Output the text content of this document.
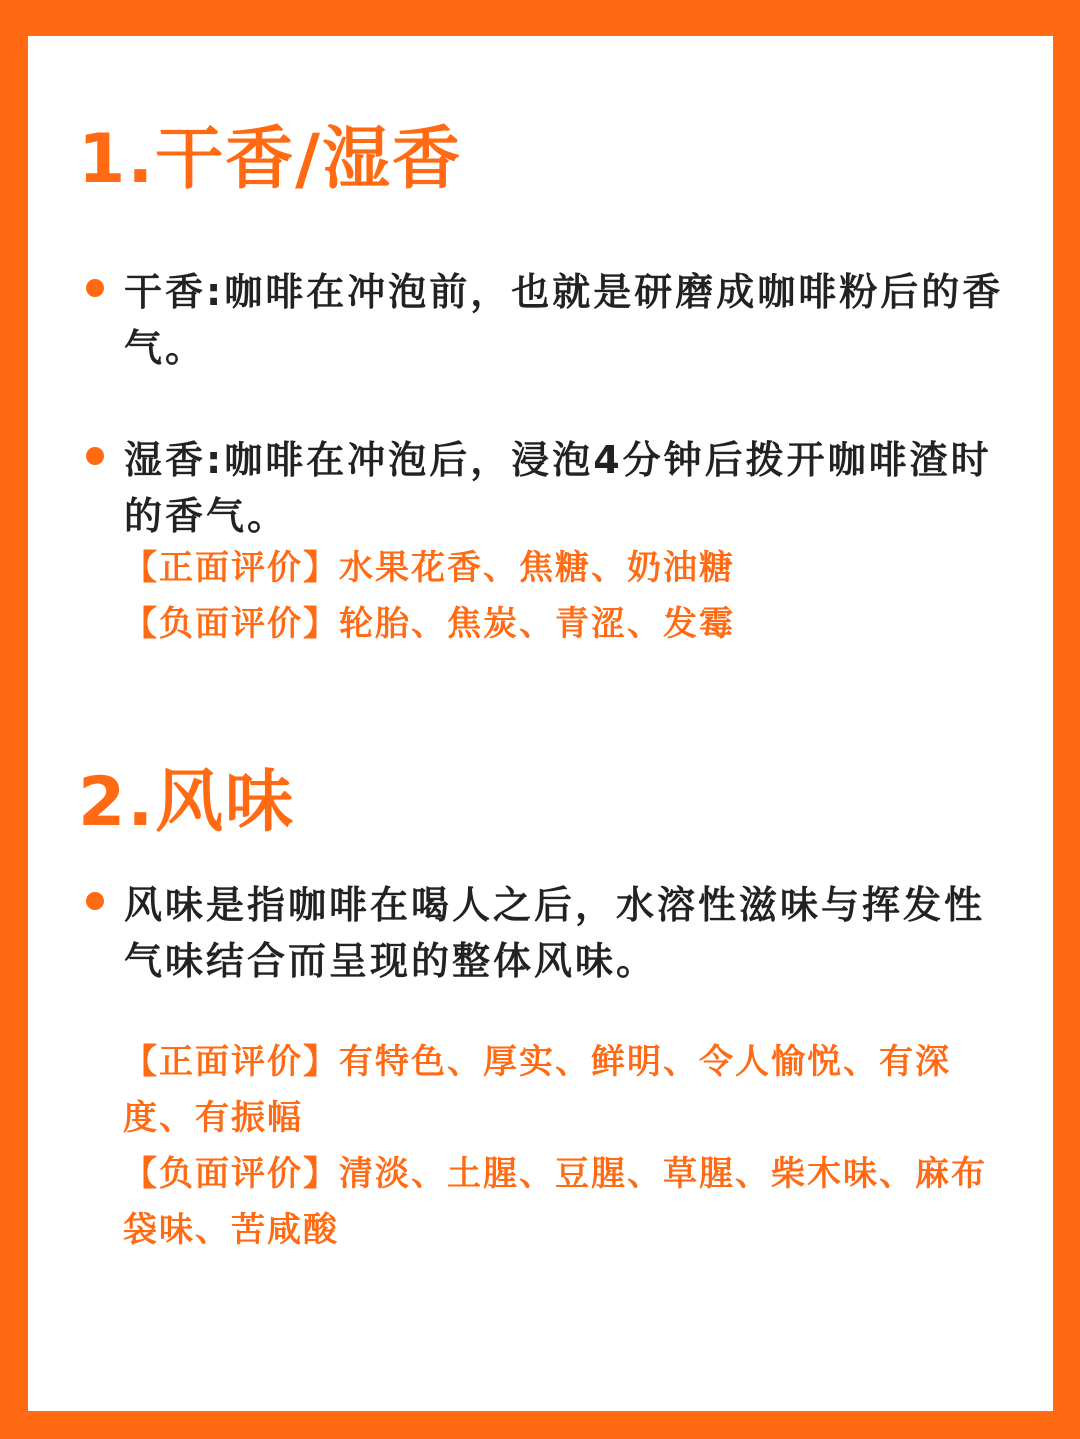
1.干香/湿香

干香:咖啡在冲泡前，也就是研磨成咖啡粉后的香气。

湿香:咖啡在冲泡后，浸泡4分钟后拨开咖啡渣时的香气。

【正面评价】水果花香、焦糖、奶油糖

【负面评价】轮胎、焦炭、青涩、发霉

2.风味

风味是指咖啡在喝人之后，水溶性滋味与挥发性气味结合而呈现的整体风味。

【正面评价】有特色、厚实、鲜明、令人愉悦、有深度、有振幅

【负面评价】清淡、土腥、豆腥、草腥、柴木味、麻布袋味、苦咸酸
